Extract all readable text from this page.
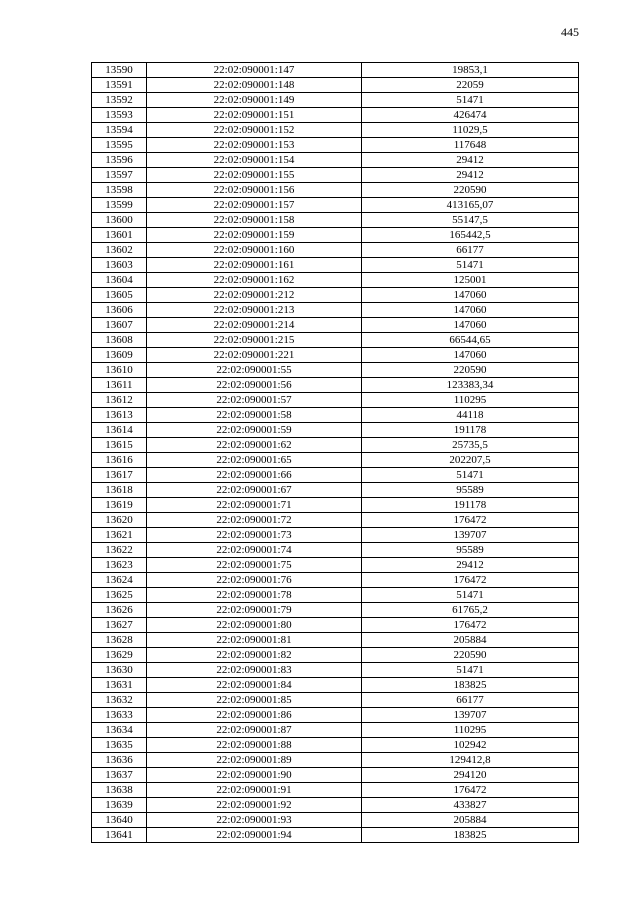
445
13590	22:02:090001:147	19853,1
13591	22:02:090001:148	22059
13592	22:02:090001:149	51471
13593	22:02:090001:151	426474
13594	22:02:090001:152	11029,5
13595	22:02:090001:153	117648
13596	22:02:090001:154	29412
13597	22:02:090001:155	29412
13598	22:02:090001:156	220590
13599	22:02:090001:157	413165,07
13600	22:02:090001:158	55147,5
13601	22:02:090001:159	165442,5
13602	22:02:090001:160	66177
13603	22:02:090001:161	51471
13604	22:02:090001:162	125001
13605	22:02:090001:212	147060
13606	22:02:090001:213	147060
13607	22:02:090001:214	147060
13608	22:02:090001:215	66544,65
13609	22:02:090001:221	147060
13610	22:02:090001:55	220590
13611	22:02:090001:56	123383,34
13612	22:02:090001:57	110295
13613	22:02:090001:58	44118
13614	22:02:090001:59	191178
13615	22:02:090001:62	25735,5
13616	22:02:090001:65	202207,5
13617	22:02:090001:66	51471
13618	22:02:090001:67	95589
13619	22:02:090001:71	191178
13620	22:02:090001:72	176472
13621	22:02:090001:73	139707
13622	22:02:090001:74	95589
13623	22:02:090001:75	29412
13624	22:02:090001:76	176472
13625	22:02:090001:78	51471
13626	22:02:090001:79	61765,2
13627	22:02:090001:80	176472
13628	22:02:090001:81	205884
13629	22:02:090001:82	220590
13630	22:02:090001:83	51471
13631	22:02:090001:84	183825
13632	22:02:090001:85	66177
13633	22:02:090001:86	139707
13634	22:02:090001:87	110295
13635	22:02:090001:88	102942
13636	22:02:090001:89	129412,8
13637	22:02:090001:90	294120
13638	22:02:090001:91	176472
13639	22:02:090001:92	433827
13640	22:02:090001:93	205884
13641	22:02:090001:94	183825
